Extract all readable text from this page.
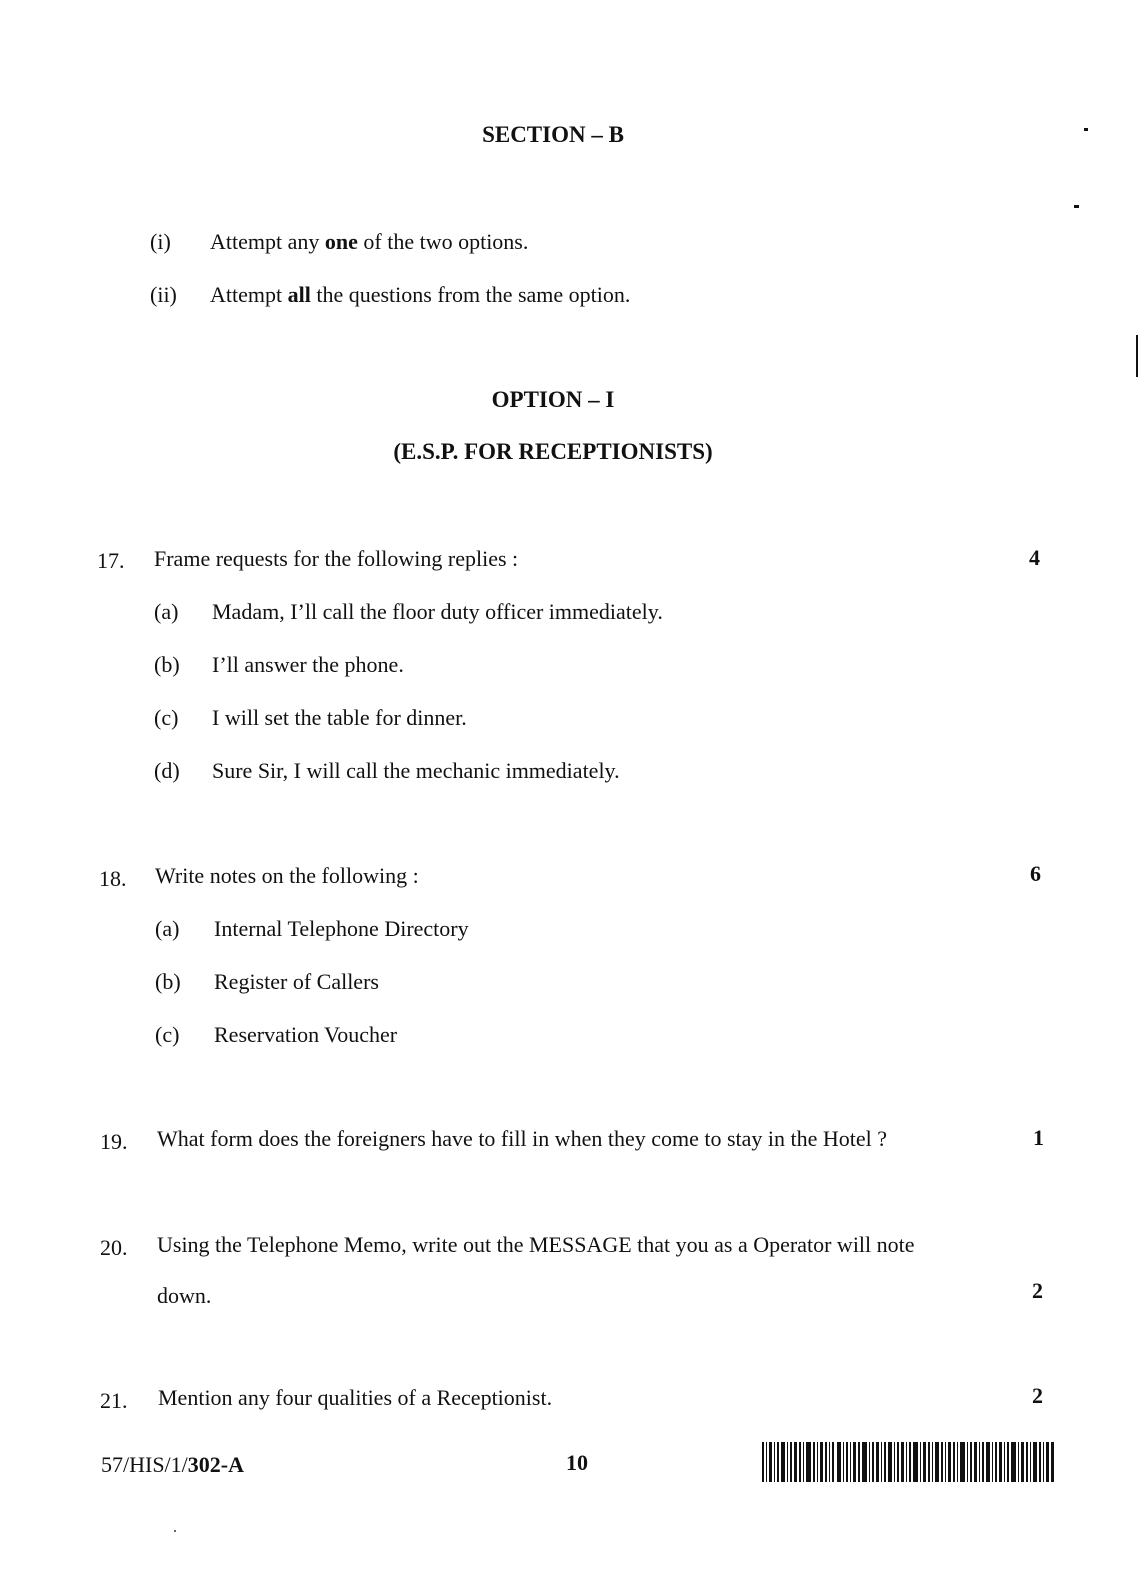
SECTION – B
(i) Attempt any one of the two options.
(ii) Attempt all the questions from the same option.
OPTION – I
(E.S.P. FOR RECEPTIONISTS)
17. Frame requests for the following replies :	4
(a) Madam, I’ll call the floor duty officer immediately.
(b) I’ll answer the phone.
(c) I will set the table for dinner.
(d) Sure Sir, I will call the mechanic immediately.
18. Write notes on the following :	6
(a) Internal Telephone Directory
(b) Register of Callers
(c) Reservation Voucher
19. What form does the foreigners have to fill in when they come to stay in the Hotel ?	1
20. Using the Telephone Memo, write out the MESSAGE that you as a Operator will note
down.	2
21. Mention any four qualities of a Receptionist.	2
57/HIS/1/302-A	10
